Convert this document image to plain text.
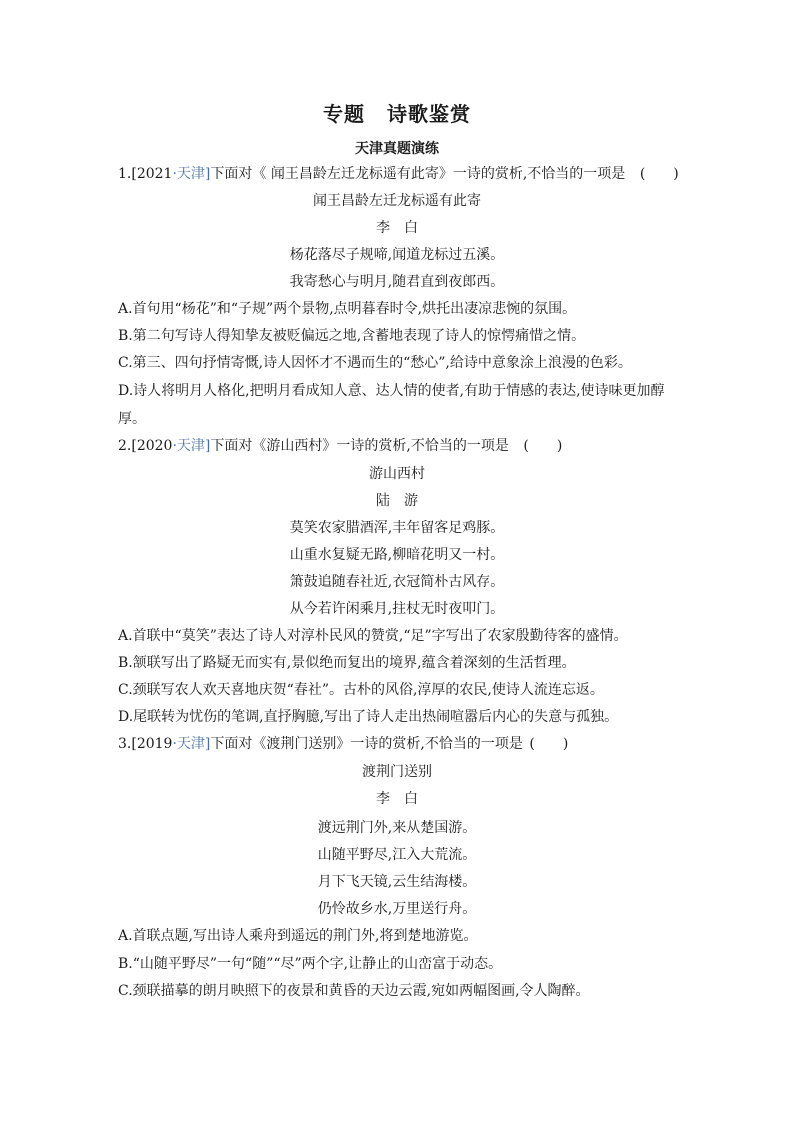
专题 诗歌鉴赏
天津真题演练
1.[2021·天津]下面对《 闻王昌龄左迁龙标遥有此寄》一诗的赏析,不恰当的一项是 (　　)
闻王昌龄左迁龙标遥有此寄
李　白
杨花落尽子规啼,闻道龙标过五溪。
我寄愁心与明月,随君直到夜郎西。
A.首句用“杨花”和“子规”两个景物,点明暮春时令,烘托出凄凉悲惋的氛围。
B.第二句写诗人得知挚友被贬偏远之地,含蓄地表现了诗人的惊愕痛惜之情。
C.第三、四句抒情寄慨,诗人因怀才不遇而生的“愁心”,给诗中意象涂上浪漫的色彩。
D.诗人将明月人格化,把明月看成知人意、达人情的使者,有助于情感的表达,使诗味更加醇厚。
2.[2020·天津]下面对《游山西村》一诗的赏析,不恰当的一项是 (　　)
游山西村
陆　游
莫笑农家腊酒浑,丰年留客足鸡豚。
山重水复疑无路,柳暗花明又一村。
箫鼓追随春社近,衣冠简朴古风存。
从今若许闲乘月,拄杖无时夜叩门。
A.首联中“莫笑”表达了诗人对淳朴民风的赞赏,“足”字写出了农家殷勤待客的盛情。
B.颔联写出了路疑无而实有,景似绝而复出的境界,蕴含着深刻的生活哲理。
C.颈联写农人欢天喜地庆贺“春社”。古朴的风俗,淳厚的农民,使诗人流连忘返。
D.尾联转为忧伤的笔调,直抒胸臆,写出了诗人走出热闹喧嚣后内心的失意与孤独。
3.[2019·天津]下面对《渡荆门送别》一诗的赏析,不恰当的一项是 (　　)
渡荆门送别
李　白
渡远荆门外,来从楚国游。
山随平野尽,江入大荒流。
月下飞天镜,云生结海楼。
仍怜故乡水,万里送行舟。
A.首联点题,写出诗人乘舟到遥远的荆门外,将到楚地游览。
B.“山随平野尽”一句“随”“尽”两个字,让静止的山峦富于动态。
C.颈联描摹的朗月映照下的夜景和黄昏的天边云霞,宛如两幅图画,令人陶醉。
